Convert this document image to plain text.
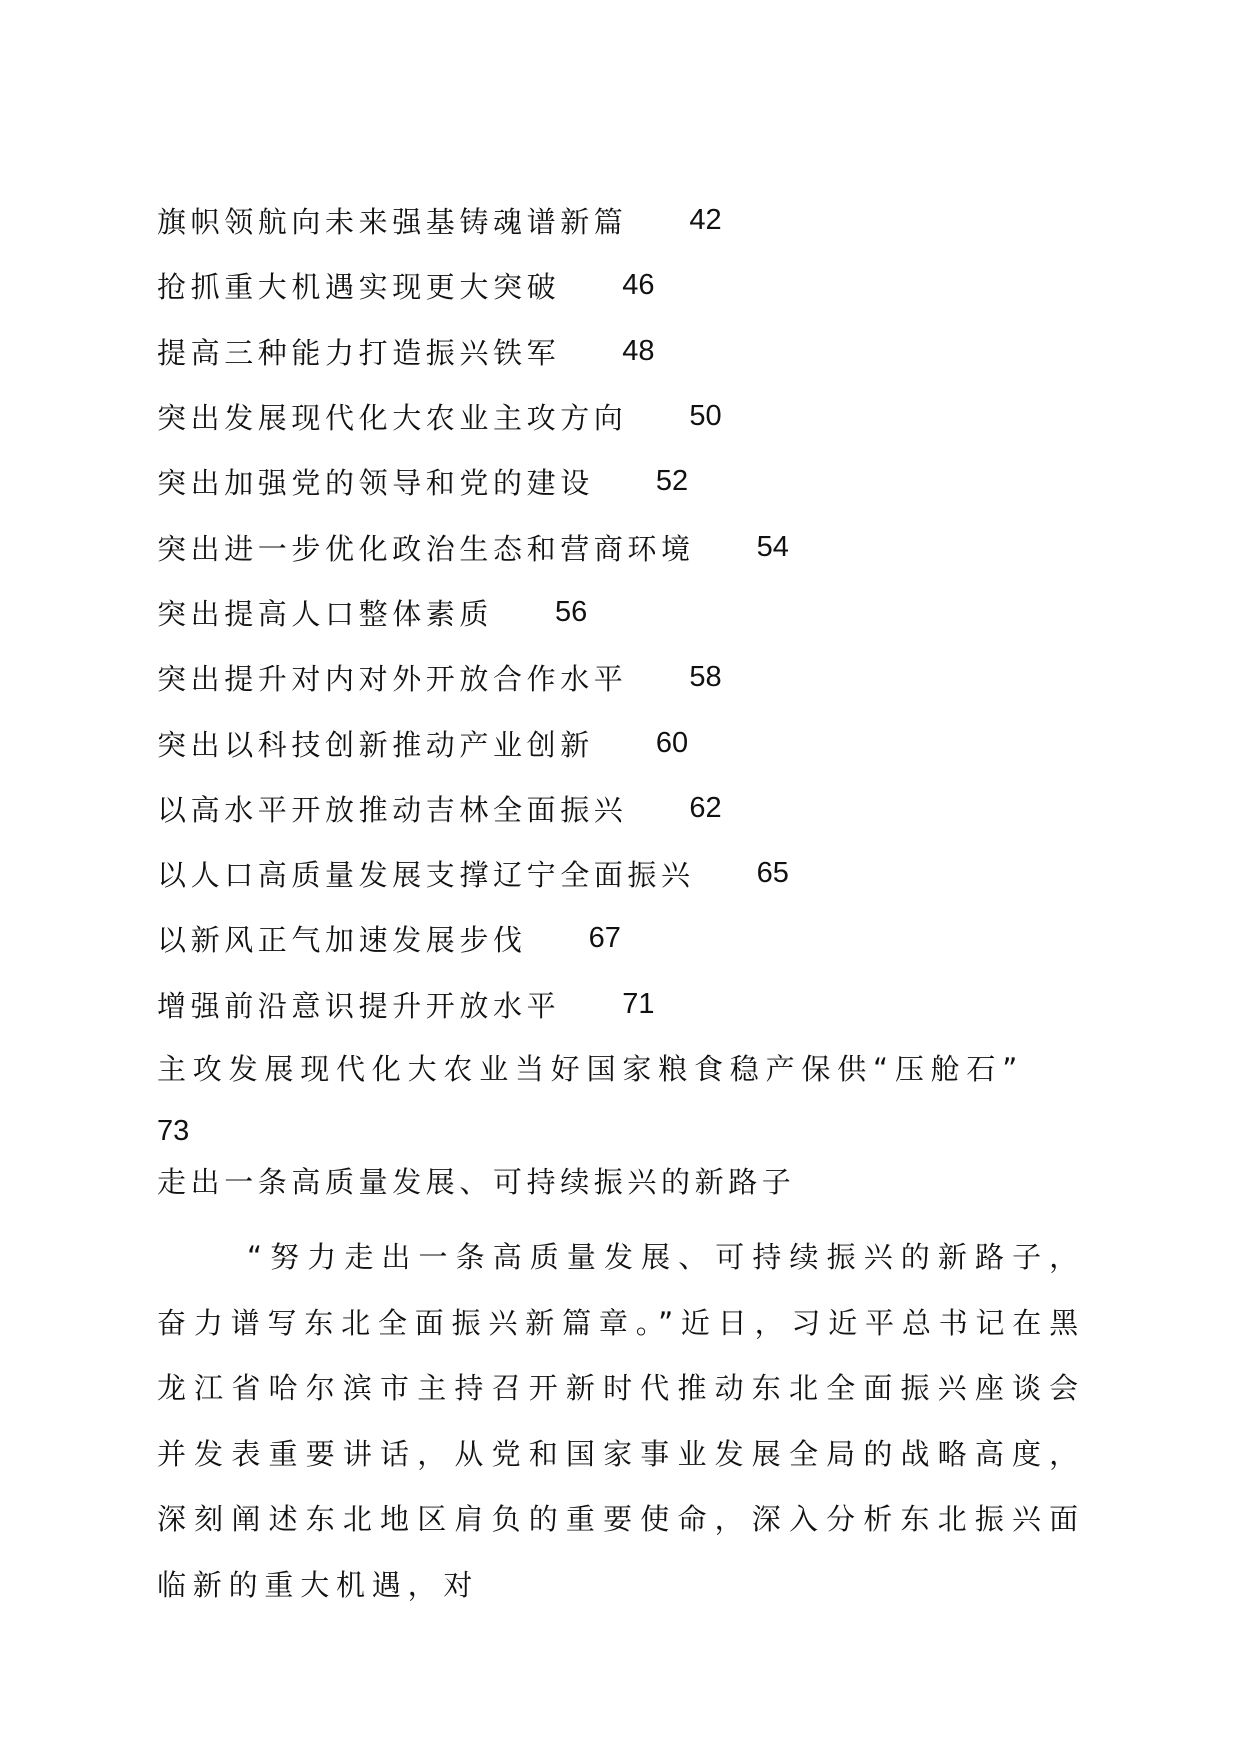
旗帜领航向未来强基铸魂谱新篇 42
抢抓重大机遇实现更大突破 46
提高三种能力打造振兴铁军 48
突出发展现代化大农业主攻方向 50
突出加强党的领导和党的建设 52
突出进一步优化政治生态和营商环境 54
突出提高人口整体素质 56
突出提升对内对外开放合作水平 58
突出以科技创新推动产业创新 60
以高水平开放推动吉林全面振兴 62
以人口高质量发展支撑辽宁全面振兴 65
以新风正气加速发展步伐 67
增强前沿意识提升开放水平 71
主攻发展现代化大农业当好国家粮食稳产保供“压舱石”
73
走出一条高质量发展、可持续振兴的新路子

“努力走出一条高质量发展、可持续振兴的新路子，奋力谱写东北全面振兴新篇章。”近日，习近平总书记在黑龙江省哈尔滨市主持召开新时代推动东北全面振兴座谈会并发表重要讲话，从党和国家事业发展全局的战略高度，深刻阐述东北地区肩负的重要使命，深入分析东北振兴面临新的重大机遇，对
